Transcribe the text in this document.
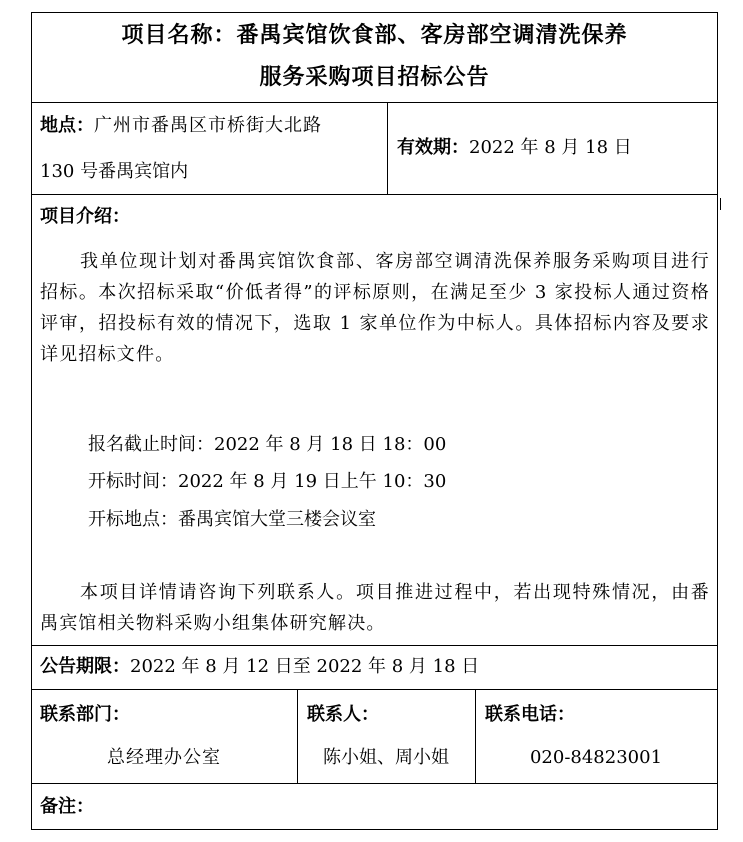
项目名称：番禺宾馆饮食部、客房部空调清洗保养
服务采购项目招标公告
地点：广州市番禺区市桥街大北路
130 号番禺宾馆内
有效期：2022 年 8 月 18 日
项目介绍：
我单位现计划对番禺宾馆饮食部、客房部空调清洗保养服务采购项目进行招标。本次招标采取“价低者得”的评标原则，在满足至少 3 家投标人通过资格评审，招投标有效的情况下，选取 1 家单位作为中标人。具体招标内容及要求详见招标文件。
报名截止时间：2022 年 8 月 18 日 18：00
开标时间：2022 年 8 月 19 日上午 10：30
开标地点：番禺宾馆大堂三楼会议室
本项目详情请咨询下列联系人。项目推进过程中，若出现特殊情况，由番禺宾馆相关物料采购小组集体研究解决。
公告期限：2022 年 8 月 12 日至 2022 年 8 月 18 日
联系部门：
总经理办公室
联系人：
陈小姐、周小姐
联系电话：
020-84823001
备注：
